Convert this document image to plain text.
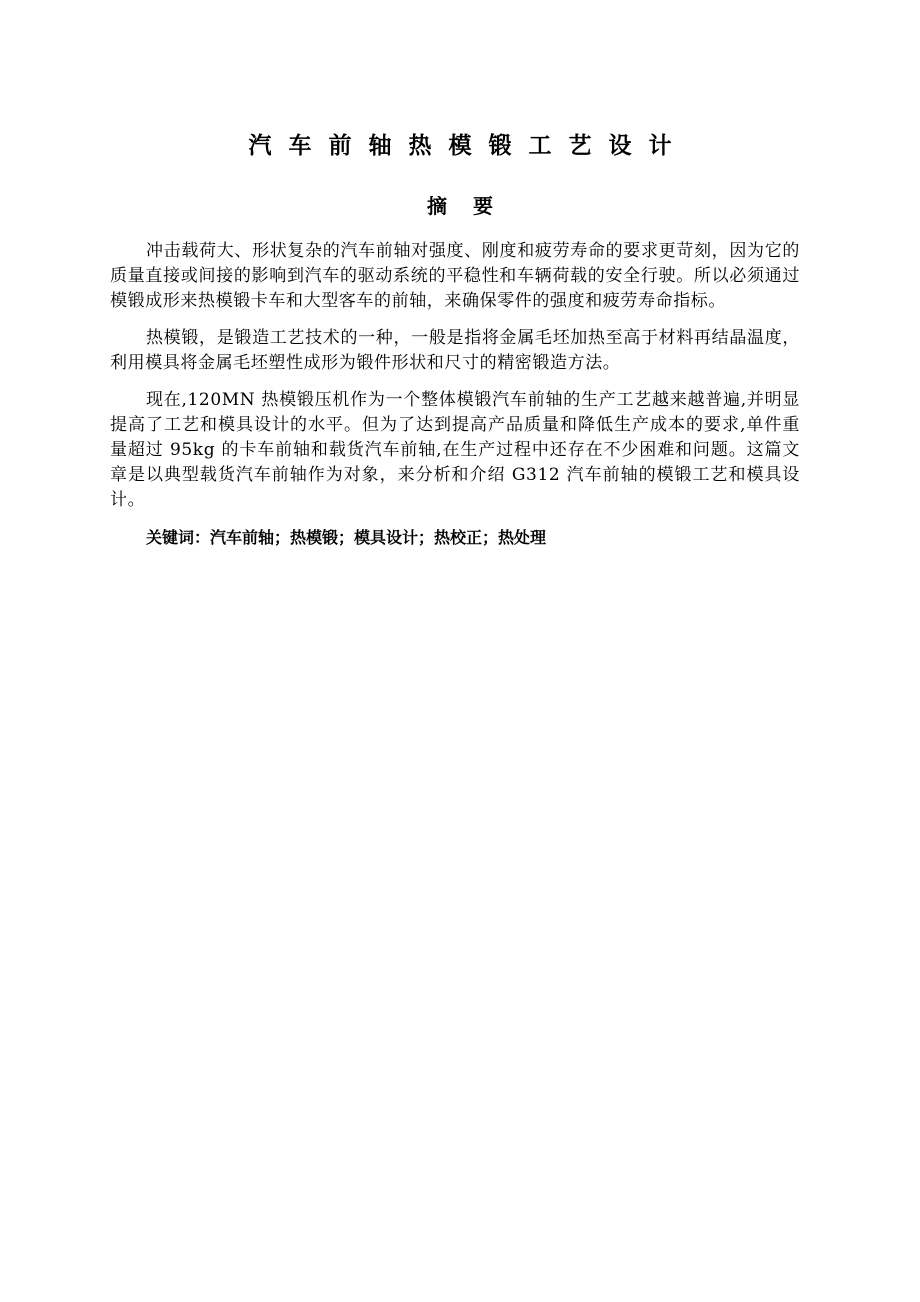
汽车前轴热模锻工艺设计
摘要

冲击载荷大、形状复杂的汽车前轴对强度、刚度和疲劳寿命的要求更苛刻，因为它的质量直接或间接的影响到汽车的驱动系统的平稳性和车辆荷载的安全行驶。所以必须通过模锻成形来热模锻卡车和大型客车的前轴，来确保零件的强度和疲劳寿命指标。

热模锻，是锻造工艺技术的一种，一般是指将金属毛坯加热至高于材料再结晶温度，利用模具将金属毛坯塑性成形为锻件形状和尺寸的精密锻造方法。

现在,120MN 热模锻压机作为一个整体模锻汽车前轴的生产工艺越来越普遍,并明显提高了工艺和模具设计的水平。但为了达到提高产品质量和降低生产成本的要求,单件重量超过 95kg 的卡车前轴和载货汽车前轴,在生产过程中还存在不少困难和问题。这篇文章是以典型载货汽车前轴作为对象，来分析和介绍 G312 汽车前轴的模锻工艺和模具设计。

关键词：汽车前轴；热模锻；模具设计；热校正；热处理
